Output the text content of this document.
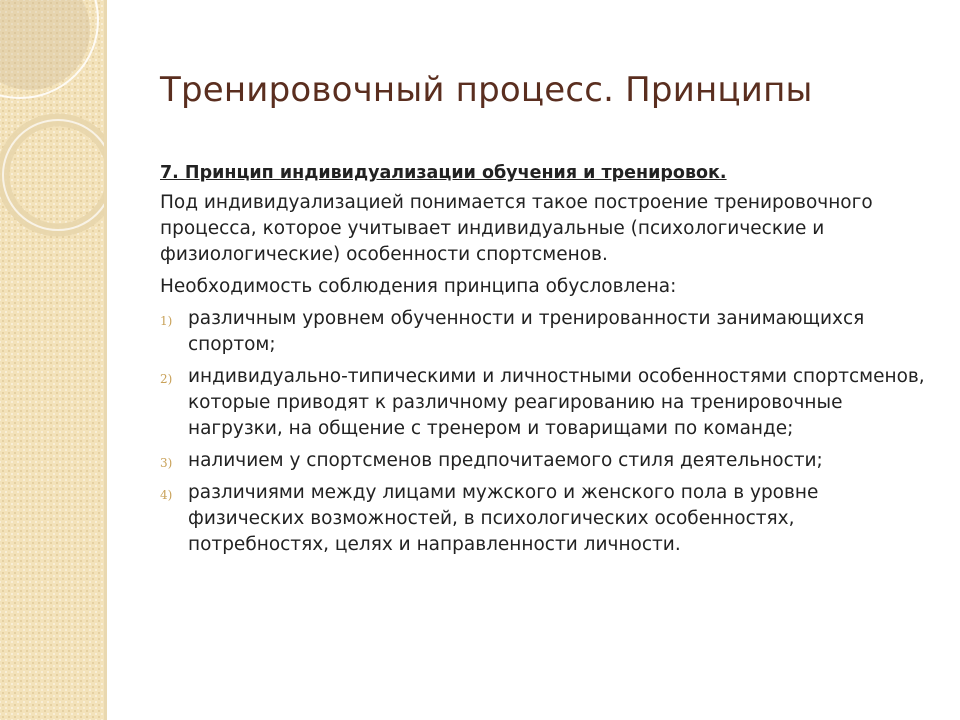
Тренировочный процесс. Принципы
7. Принцип индивидуализации обучения и тренировок.
Под индивидуализацией понимается такое построение тренировочного процесса, которое учитывает индивидуальные (психологические и физиологические) особенности спортсменов.
Необходимость соблюдения принципа обусловлена:
1) различным уровнем обученности и тренированности занимающихся спортом;
2) индивидуально-типическими и личностными особенностями спортсменов, которые приводят к различному реагированию на тренировочные нагрузки, на общение с тренером и товарищами по команде;
3) наличием у спортсменов предпочитаемого стиля деятельности;
4) различиями между лицами мужского и женского пола в уровне физических возможностей, в психологических особенностях, потребностях, целях и направленности личности.
